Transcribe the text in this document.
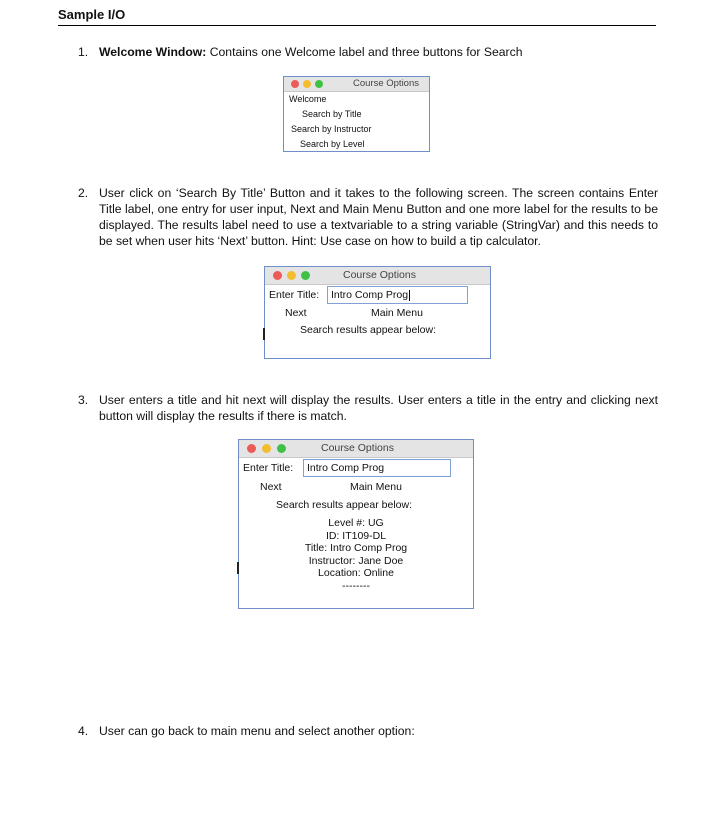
Sample I/O
1. Welcome Window: Contains one Welcome label and three buttons for Search
Course Options
Welcome
Search by Title
Search by Instructor
Search by Level
2. User click on ‘Search By Title’ Button and it takes to the following screen. The screen contains Enter Title label, one entry for user input, Next and Main Menu Button and one more label for the results to be displayed. The results label need to use a textvariable to a string variable (StringVar) and this needs to be set when user hits ‘Next’ button. Hint: Use case on how to build a tip calculator.
Course Options
Enter Title:	Intro Comp Prog
Next	Main Menu
Search results appear below:
3. User enters a title and hit next will display the results. User enters a title in the entry and clicking next button will display the results if there is match.
Course Options
Enter Title:	Intro Comp Prog
Next	Main Menu
Search results appear below:
Level #: UG
ID: IT109-DL
Title: Intro Comp Prog
Instructor: Jane Doe
Location: Online
--------
4. User can go back to main menu and select another option:
